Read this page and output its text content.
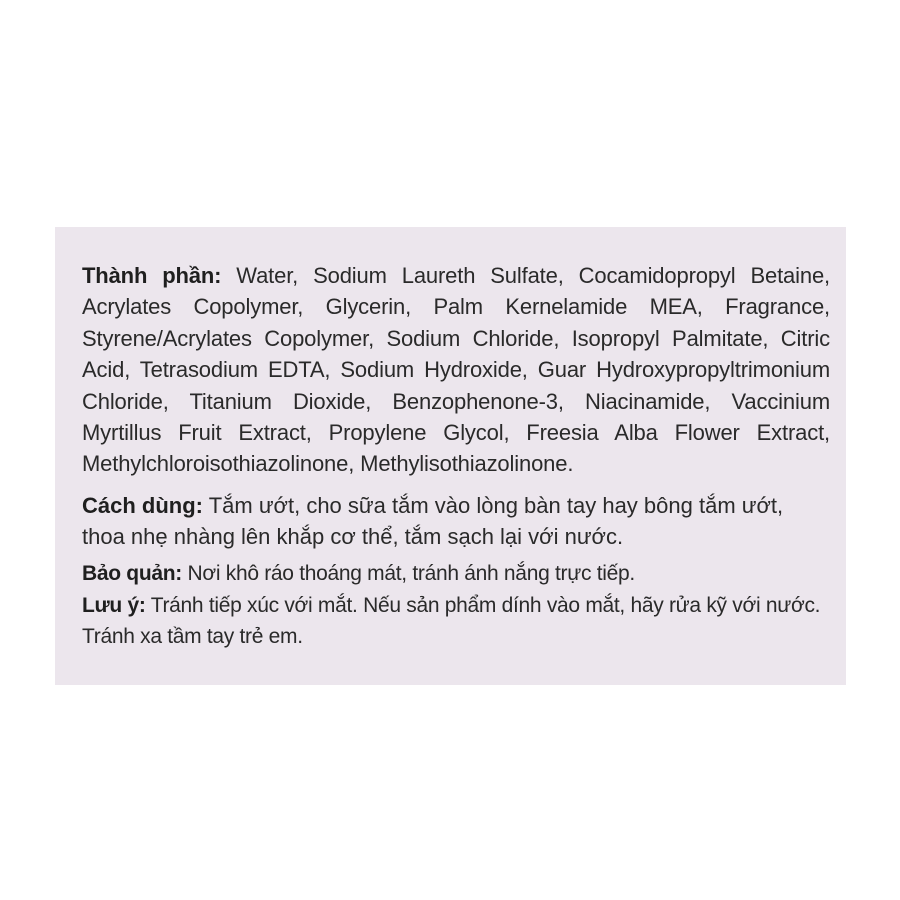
Thành phần: Water, Sodium Laureth Sulfate, Cocamidopropyl Betaine, Acrylates Copolymer, Glycerin, Palm Kernelamide MEA, Fragrance, Styrene/Acrylates Copolymer, Sodium Chloride, Isopropyl Palmitate, Citric Acid, Tetrasodium EDTA, Sodium Hydroxide, Guar Hydroxypropyltrimonium Chloride, Titanium Dioxide, Benzophenone-3, Niacinamide, Vaccinium Myrtillus Fruit Extract, Propylene Glycol, Freesia Alba Flower Extract, Methylchloroisothiazolinone, Methylisothiazolinone.

Cách dùng: Tắm ướt, cho sữa tắm vào lòng bàn tay hay bông tắm ướt, thoa nhẹ nhàng lên khắp cơ thể, tắm sạch lại với nước.

Bảo quản: Nơi khô ráo thoáng mát, tránh ánh nắng trực tiếp.

Lưu ý: Tránh tiếp xúc với mắt. Nếu sản phẩm dính vào mắt, hãy rửa kỹ với nước. Tránh xa tầm tay trẻ em.
